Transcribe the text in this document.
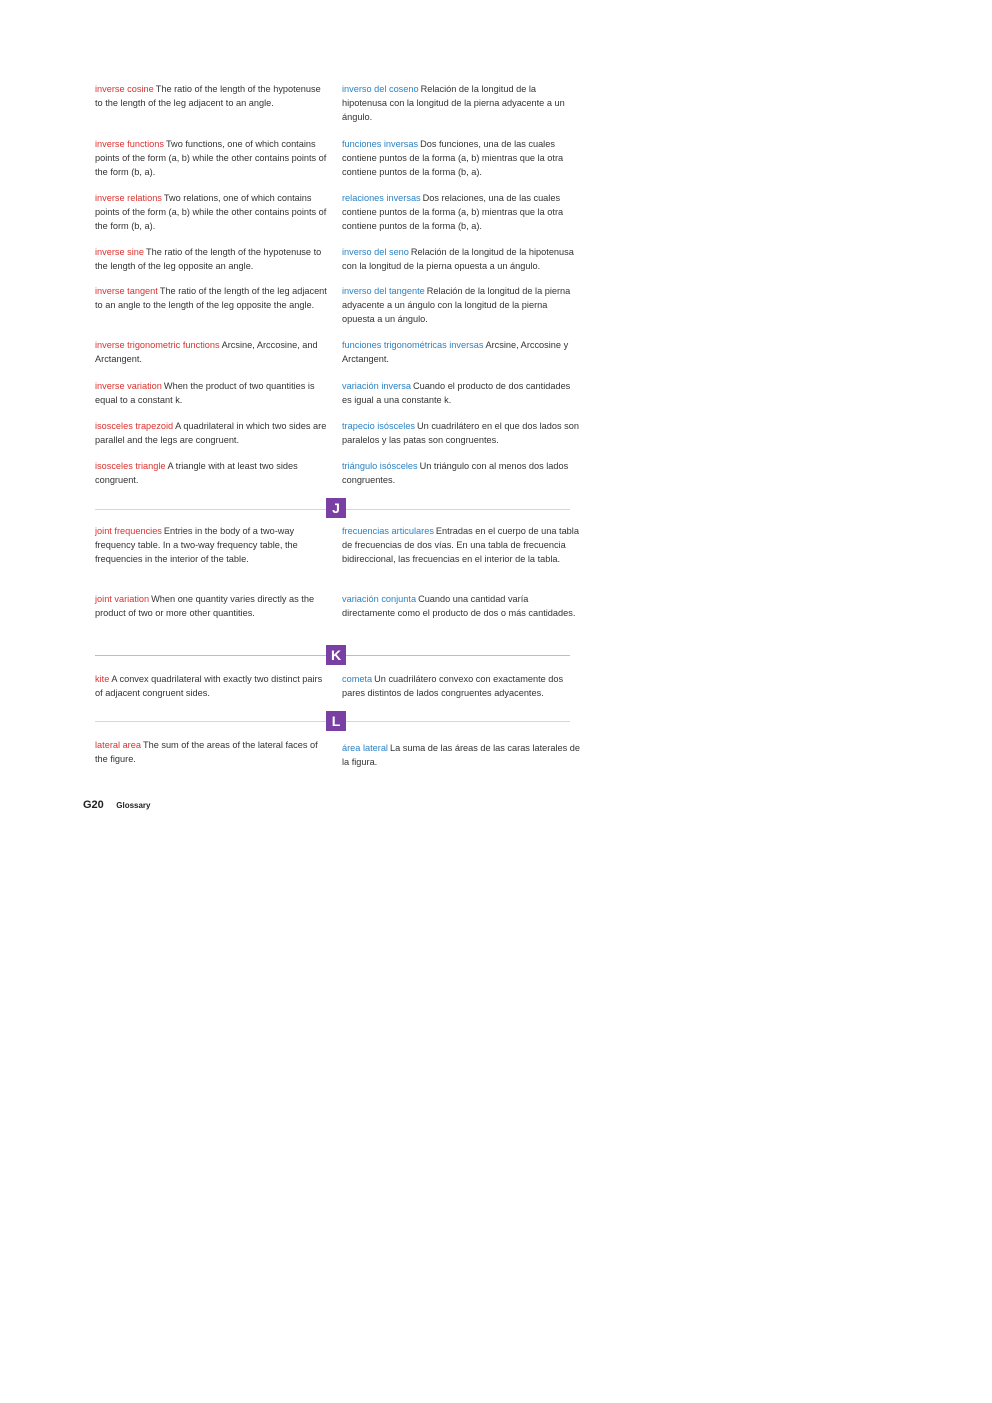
inverse cosine The ratio of the length of the hypotenuse to the length of the leg adjacent to an angle.
inverse functions Two functions, one of which contains points of the form (a, b) while the other contains points of the form (b, a).
inverse relations Two relations, one of which contains points of the form (a, b) while the other contains points of the form (b, a).
inverse sine The ratio of the length of the hypotenuse to the length of the leg opposite an angle.
inverse tangent The ratio of the length of the leg adjacent to an angle to the length of the leg opposite the angle.
inverse trigonometric functions Arcsine, Arccosine, and Arctangent.
inverse variation When the product of two quantities is equal to a constant k.
isosceles trapezoid A quadrilateral in which two sides are parallel and the legs are congruent.
isosceles triangle A triangle with at least two sides congruent.
joint frequencies Entries in the body of a two-way frequency table. In a two-way frequency table, the frequencies in the interior of the table.
joint variation When one quantity varies directly as the product of two or more other quantities.
kite A convex quadrilateral with exactly two distinct pairs of adjacent congruent sides.
lateral area The sum of the areas of the lateral faces of the figure.
inverso del coseno Relación de la longitud de la hipotenusa con la longitud de la pierna adyacente a un ángulo.
funciones inversas Dos funciones, una de las cuales contiene puntos de la forma (a, b) mientras que la otra contiene puntos de la forma (b, a).
relaciones inversas Dos relaciones, una de las cuales contiene puntos de la forma (a, b) mientras que la otra contiene puntos de la forma (b, a).
inverso del seno Relación de la longitud de la hipotenusa con la longitud de la pierna opuesta a un ángulo.
inverso del tangente Relación de la longitud de la pierna adyacente a un ángulo con la longitud de la pierna opuesta a un ángulo.
funciones trigonométricas inversas Arcsine, Arccosine y Arctangent.
variación inversa Cuando el producto de dos cantidades es igual a una constante k.
trapecio isósceles Un cuadrilátero en el que dos lados son paralelos y las patas son congruentes.
triángulo isósceles Un triángulo con al menos dos lados congruentes.
frecuencias articulares Entradas en el cuerpo de una tabla de frecuencias de dos vías. En una tabla de frecuencia bidireccional, las frecuencias en el interior de la tabla.
variación conjunta Cuando una cantidad varía directamente como el producto de dos o más cantidades.
cometa Un cuadrilátero convexo con exactamente dos pares distintos de lados congruentes adyacentes.
área lateral La suma de las áreas de las caras laterales de la figura.
J
K
L
G20 Glossary
